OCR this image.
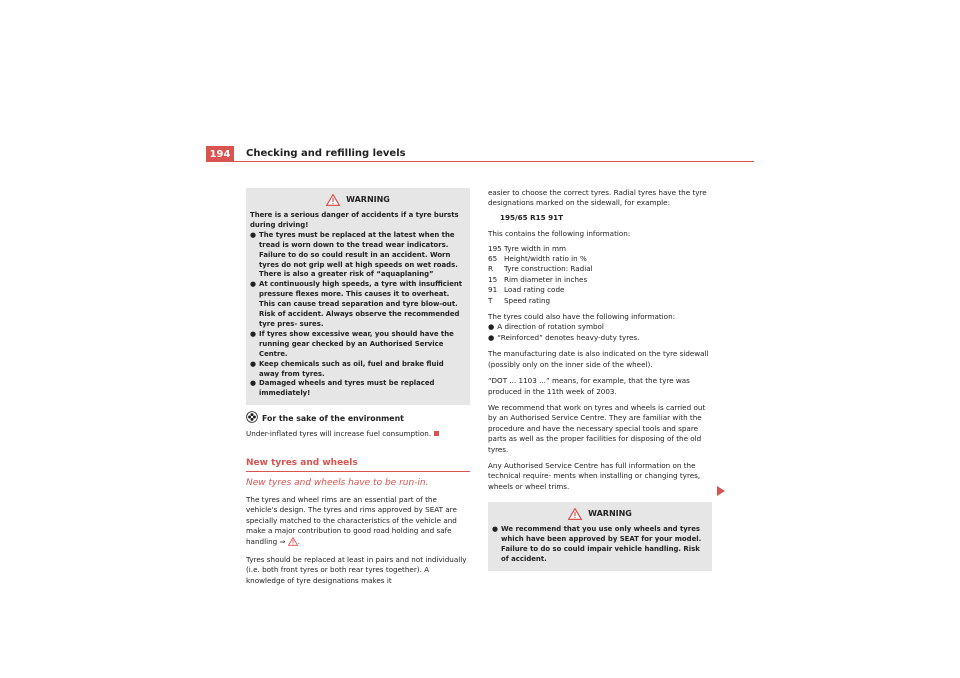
194	Checking and refilling levels
WARNING

There is a serious danger of accidents if a tyre bursts during driving!

● The tyres must be replaced at the latest when the tread is worn down to the tread wear indicators. Failure to do so could result in an accident. Worn tyres do not grip well at high speeds on wet roads. There is also a greater risk of “aquaplaning”
● At continuously high speeds, a tyre with insufficient pressure flexes more. This causes it to overheat. This can cause tread separation and tyre blow-out. Risk of accident. Always observe the recommended tyre pres- sures.
● If tyres show excessive wear, you should have the running gear checked by an Authorised Service Centre.
● Keep chemicals such as oil, fuel and brake fluid away from tyres.
● Damaged wheels and tyres must be replaced immediately!
For the sake of the environment
Under-inflated tyres will increase fuel consumption.
New tyres and wheels
New tyres and wheels have to be run-in.

The tyres and wheel rims are an essential part of the vehicle's design. The tyres and rims approved by SEAT are specially matched to the characteristics of the vehicle and make a major contribution to good road holding and safe handling ⇒ .

Tyres should be replaced at least in pairs and not individually (i.e. both front tyres or both rear tyres together). A knowledge of tyre designations makes it

easier to choose the correct tyres. Radial tyres have the tyre designations marked on the sidewall, for example:

195/65 R15 91T

This contains the following information:

195 Tyre width in mm
65 Height/width ratio in %
R	Tyre construction: Radial
15 Rim diameter in inches
91 Load rating code
T	Speed rating

The tyres could also have the following information:

● A direction of rotation symbol
● “Reinforced” denotes heavy-duty tyres.

The manufacturing date is also indicated on the tyre sidewall (possibly only on the inner side of the wheel).

“DOT ... 1103 ...” means, for example, that the tyre was produced in the 11th week of 2003.

We recommend that work on tyres and wheels is carried out by an Authorised Service Centre. They are familiar with the procedure and have the necessary special tools and spare parts as well as the proper facilities for disposing of the old tyres.

Any Authorised Service Centre has full information on the technical require- ments when installing or changing tyres, wheels or wheel trims.

WARNING
● We recommend that you use only wheels and tyres which have been approved by SEAT for your model. Failure to do so could impair vehicle handling. Risk of accident.
